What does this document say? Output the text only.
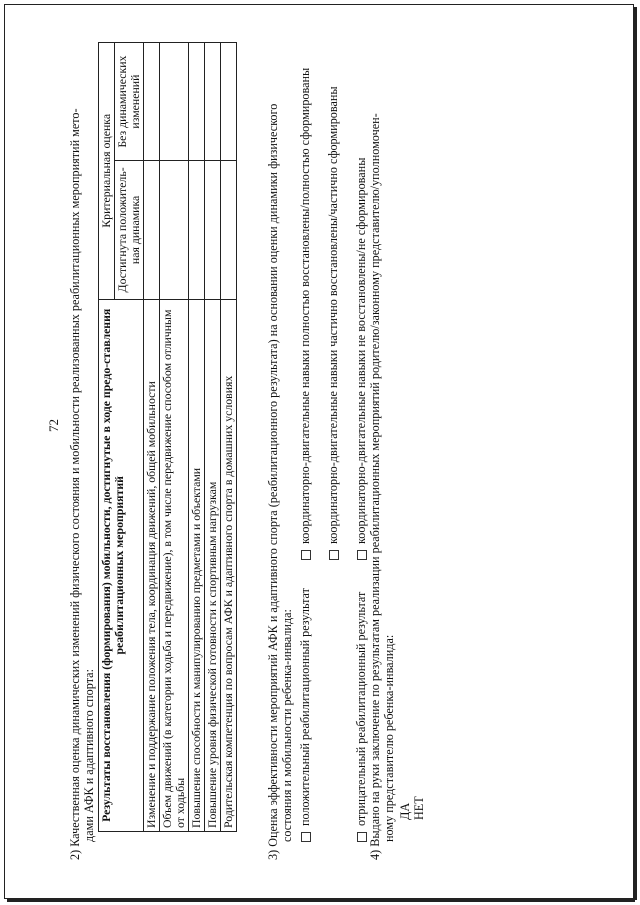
72 2) Качественная оценка динамических изменений физического состояния и мобильности реализованных реабилитационных мероприятий мето- дами АФК и адаптивного спорта: Результаты восстановления (формирования) мобильности, достигнутые в ходе предо-ставления реабилитационных мероприятий	Критериальная оценка	
	Достигнута положитель-ная динамика	Без динамических изменений
Изменение и поддержание положения тела, координация движений, общей мобильности		
Объем движений (в категории ходьба и передвижение), в том числе передвижение способом отличным от ходьбы		
Повышение способности к манипулированию предметами и объектами		
Повышение уровня физической готовности к спортивным нагрузкам		
Родительская компетенция по вопросам АФК и адаптивного спорта в домашних условиях			3) Оценка эффективности мероприятий АФК и адаптивного спорта (реабилитационного результата) на основании оценки динамики физического состояния и мобильности ребенка-инвалида: положительный реабилитационный результат
координаторно-двигательные навыки полностью восстановлены/полностью сформированы координаторно-двигательные навыки частично восстановлены/частично сформированы
отрицательный реабилитационный результат
координаторно-двигательные навыки не восстановлены/не сформированы 4) Выдано на руки заключение по результатам реализации реабилитационных мероприятий родителю/законному представителю/уполномочен- ному представителю ребенка-инвалида: ДА НЕТ
